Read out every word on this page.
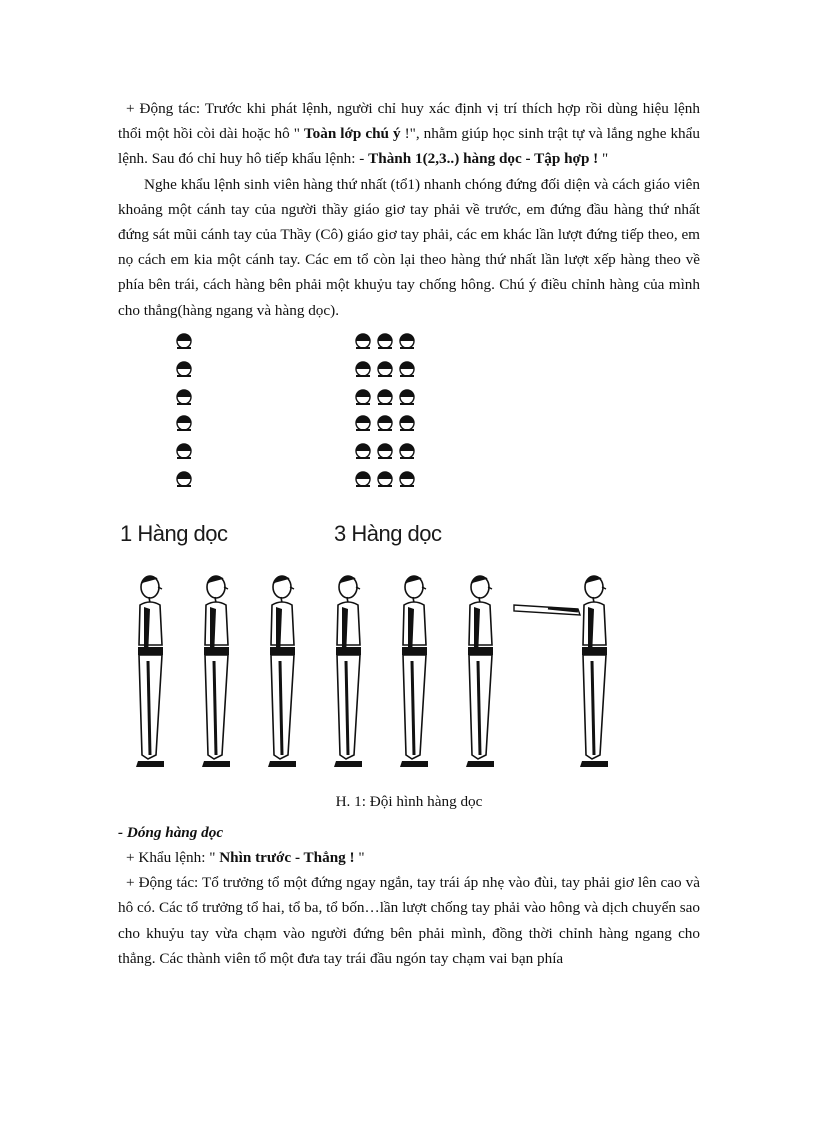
+ Động tác: Trước khi phát lệnh, người chỉ huy xác định vị trí thích hợp rồi dùng hiệu lệnh thổi một hồi còi dài hoặc hô " Toàn lớp chú ý !", nhằm giúp học sinh trật tự và lắng nghe khẩu lệnh. Sau đó chỉ huy hô tiếp khẩu lệnh: - Thành 1(2,3..) hàng dọc - Tập hợp ! "

Nghe khẩu lệnh sinh viên hàng thứ nhất (tổ1) nhanh chóng đứng đối diện và cách giáo viên khoảng một cánh tay của người thầy giáo giơ tay phải về trước, em đứng đầu hàng thứ nhất đứng sát mũi cánh tay của Thầy (Cô) giáo giơ tay phải, các em khác lần lượt đứng tiếp theo, em nọ cách em kia một cánh tay. Các em tổ còn lại theo hàng thứ nhất lần lượt xếp hàng theo về phía bên trái, cách hàng bên phải một khuỷu tay chống hông. Chú ý điều chỉnh hàng của mình cho thẳng(hàng ngang và hàng dọc).

1 Hàng dọc	3 Hàng dọc
H. 1: Đội hình hàng dọc

- Dóng hàng dọc

+ Khẩu lệnh: " Nhìn trước - Thẳng ! "

+ Động tác: Tổ trưởng tổ một đứng ngay ngắn, tay trái áp nhẹ vào đùi, tay phải giơ lên cao và hô có. Các tổ trưởng tổ hai, tổ ba, tổ bốn…lần lượt chống tay phải vào hông và dịch chuyển sao cho khuỷu tay vừa chạm vào người đứng bên phải mình, đồng thời chỉnh hàng ngang cho thẳng. Các thành viên tổ một đưa tay trái đầu ngón tay chạm vai bạn phía
